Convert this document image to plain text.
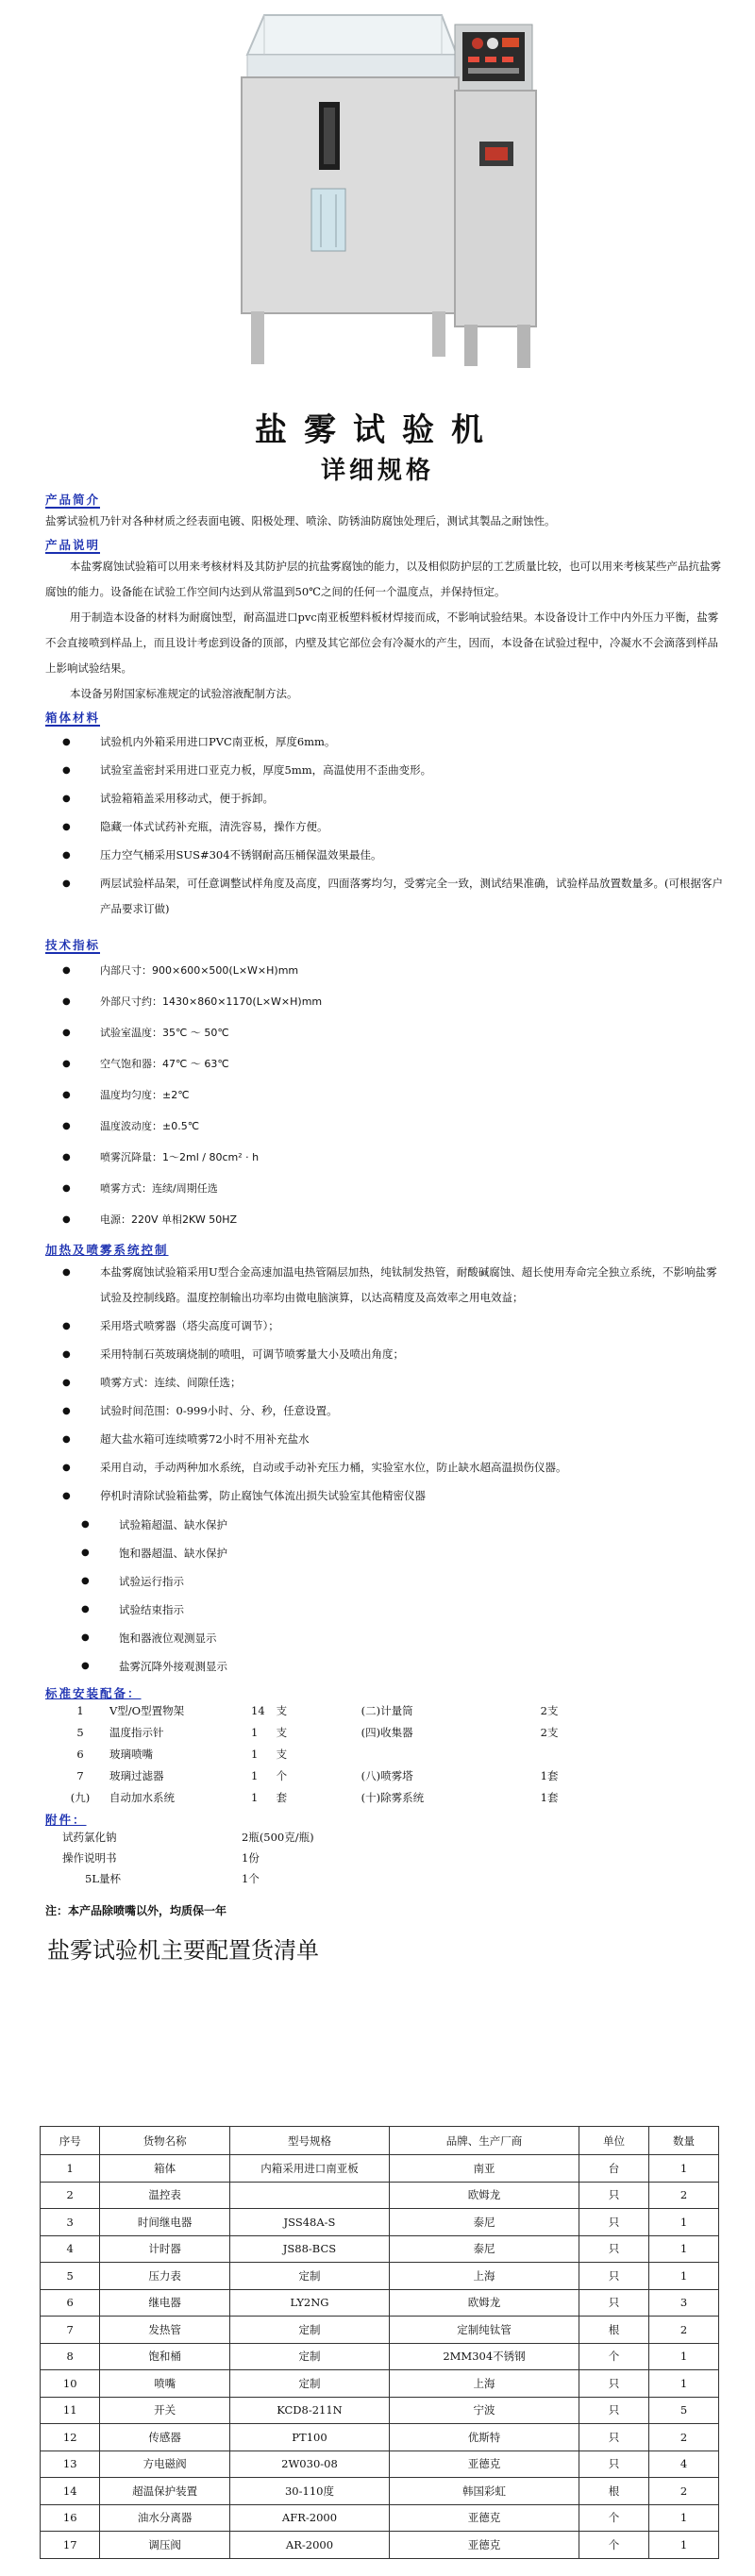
盐雾试验机
详细规格
产品简介

盐雾试验机乃针对各种材质之经表面电镀、阳极处理、喷涂、防锈油防腐蚀处理后，测试其製品之耐蚀性。

产品说明

本盐雾腐蚀试验箱可以用来考核材料及其防护层的抗盐雾腐蚀的能力，以及相似防护层的工艺质量比较，也可以用来考核某些产品抗盐雾腐蚀的能力。设备能在试验工作空间内达到从常温到50℃之间的任何一个温度点，并保持恒定。

用于制造本设备的材料为耐腐蚀型，耐高温进口pvc南亚板塑料板材焊接而成，不影响试验结果。本设备设计工作中内外压力平衡，盐雾不会直接喷到样品上，而且设计考虑到设备的顶部，内壁及其它部位会有冷凝水的产生，因而，本设备在试验过程中，冷凝水不会滴落到样品上影响试验结果。

本设备另附国家标准规定的试验溶液配制方法。

箱体材料
● 试验机内外箱采用进口PVC南亚板，厚度6mm。
● 试验室盖密封采用进口亚克力板，厚度5mm，高温使用不歪曲变形。
● 试验箱箱盖采用移动式，便于拆卸。
● 隐藏一体式试药补充瓶，清洗容易，操作方便。
● 压力空气桶采用SUS#304不锈钢耐高压桶保温效果最佳。
● 两层试验样品架，可任意调整试样角度及高度，四面落雾均匀，受雾完全一致，测试结果准确，试验样品放置数量多。(可根据客户产品要求订做)
技术指标
● 内部尺寸：900×600×500(L×W×H)mm
● 外部尺寸约：1430×860×1170(L×W×H)mm
● 试验室温度：35℃ ～ 50℃
● 空气饱和器：47℃ ～ 63℃
● 温度均匀度：±2℃
● 温度波动度：±0.5℃
● 喷雾沉降量：1～2ml / 80cm² · h
● 喷雾方式：连续/周期任选
● 电源：220V 单相2KW 50HZ
加热及喷雾系统控制
● 本盐雾腐蚀试验箱采用U型合金高速加温电热管隔层加热，纯钛制发热管，耐酸碱腐蚀、超长使用寿命完全独立系统，不影响盐雾试验及控制线路。温度控制输出功率均由微电脑演算，以达高精度及高效率之用电效益；
● 采用塔式喷雾器（塔尖高度可调节）；
● 采用特制石英玻璃烧制的喷咀，可调节喷雾量大小及喷出角度；
● 喷雾方式：连续、间隙任选；
● 试验时间范围：0-999小时、分、秒，任意设置。
● 超大盐水箱可连续喷雾72小时不用补充盐水
● 采用自动，手动两种加水系统，自动或手动补充压力桶，实验室水位，防止缺水超高温损伤仪器。
● 停机时清除试验箱盐雾，防止腐蚀气体流出损失试验室其他精密仪器
● 试验箱超温、缺水保护
● 饱和器超温、缺水保护
● 试验运行指示
● 试验结束指示
● 饱和器液位观测显示
● 盐雾沉降外接观测显示
标准安装配备：
1	V型/O型置物架	14	支	(二)计量筒	2支
5	温度指示针	1	支	(四)收集器	2支
6	玻璃喷嘴	1	支		
7	玻璃过滤器	1	个	(八)喷雾塔	1套
(九)	自动加水系统	1	套	(十)除雾系统	1套
附件：
试药氯化钠	2瓶(500克/瓶)
操作说明书	1份
5L量杯	1个
注：本产品除喷嘴以外，均质保一年
盐雾试验机主要配置货清单
序号	货物名称	型号规格	品牌、生产厂商	单位	数量
1	箱体	内箱采用进口南亚板	南亚	台	1
2	温控表		欧姆龙	只	2
3	时间继电器	JSS48A-S	泰尼	只	1
4	计时器	JS88-BCS	泰尼	只	1
5	压力表	定制	上海	只	1
6	继电器	LY2NG	欧姆龙	只	3
7	发热管	定制	定制纯钛管	根	2
8	饱和桶	定制	2MM304不锈钢	个	1
10	喷嘴	定制	上海	只	1
11	开关	KCD8-211N	宁波	只	5
12	传感器	PT100	优斯特	只	2
13	方电磁阀	2W030-08	亚德克	只	4
14	超温保护装置	30-110度	韩国彩虹	根	2
16	油水分离器	AFR-2000	亚德克	个	1
17	调压阀	AR-2000	亚德克	个	1
